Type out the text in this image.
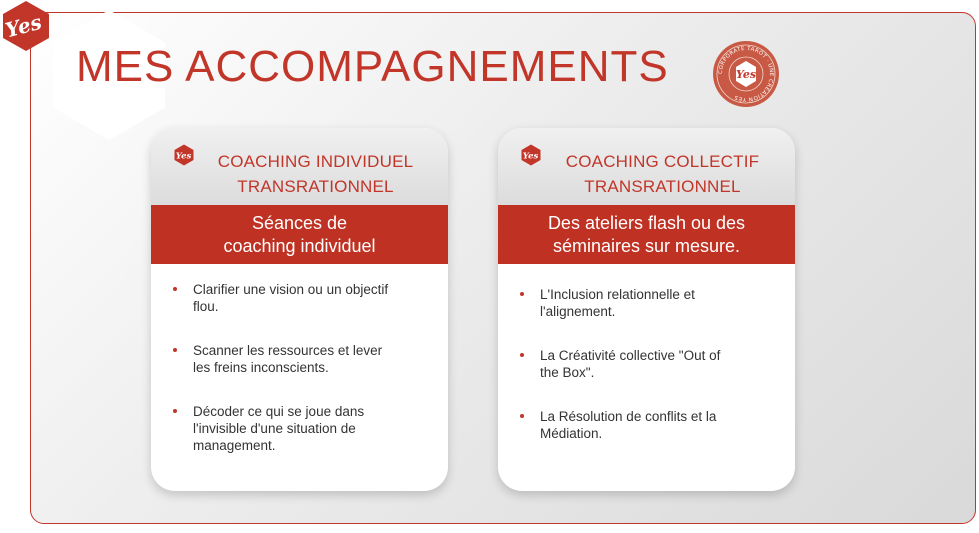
Yes
MES ACCOMPAGNEMENTS	CORPORATE TAROT · UNE CRÉATION YES
Yes
Yes	COACHING INDIVIDUEL
TRANSRATIONNEL
Séances de
coaching individuel
Clarifier une vision ou un objectif
flou.
Scanner les ressources et lever
les freins inconscients.
Décoder ce qui se joue dans
l'invisible d'une situation de
management.
Yes	COACHING COLLECTIF
TRANSRATIONNEL
Des ateliers flash ou des
séminaires sur mesure.
L'Inclusion relationnelle et
l'alignement.
La Créativité collective "Out of
the Box".
La Résolution de conflits et la
Médiation.
